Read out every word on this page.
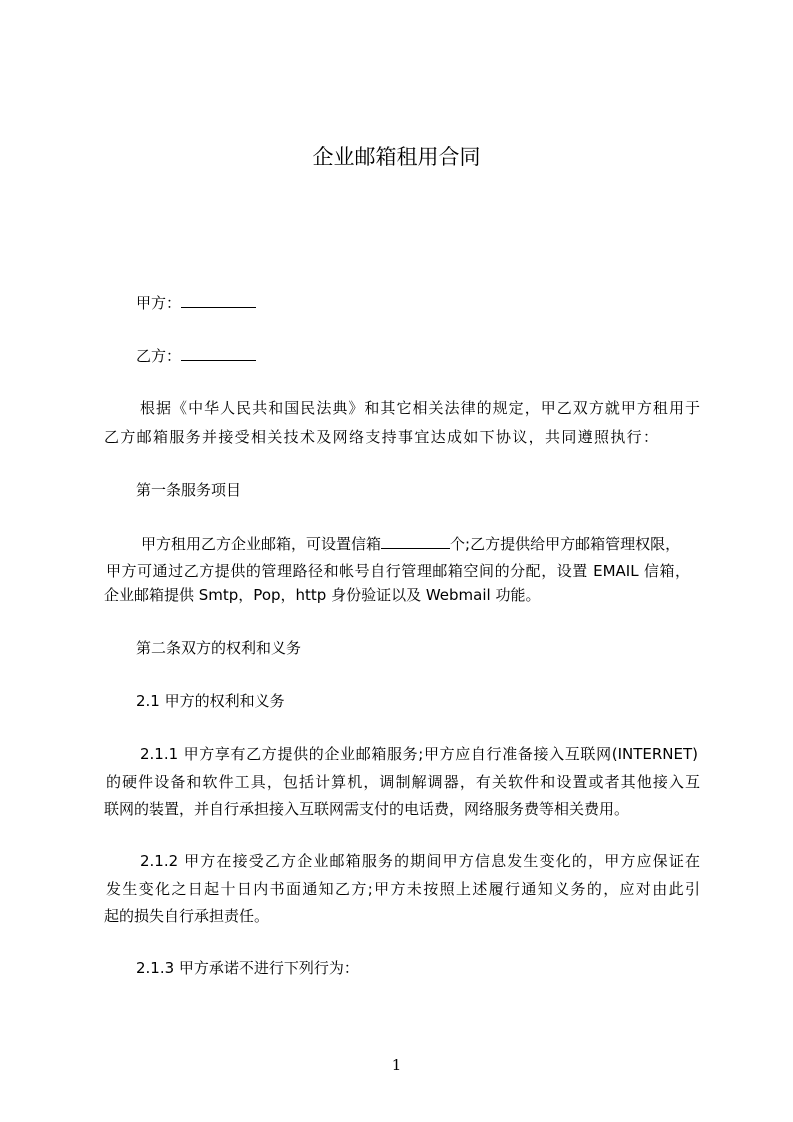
企业邮箱租用合同
甲方：
乙方：
根据《中华人民共和国民法典》和其它相关法律的规定，甲乙双方就甲方租用于
乙方邮箱服务并接受相关技术及网络支持事宜达成如下协议，共同遵照执行：
第一条服务项目
甲方租用乙方企业邮箱，可设置信箱	个;乙方提供给甲方邮箱管理权限，
甲方可通过乙方提供的管理路径和帐号自行管理邮箱空间的分配，设置 EMAIL 信箱，
企业邮箱提供 Smtp，Pop，http 身份验证以及 Webmail 功能。
第二条双方的权利和义务
2.1 甲方的权利和义务
2.1.1 甲方享有乙方提供的企业邮箱服务;甲方应自行准备接入互联网(INTERNET)
的硬件设备和软件工具，包括计算机，调制解调器，有关软件和设置或者其他接入互
联网的装置，并自行承担接入互联网需支付的电话费，网络服务费等相关费用。
2.1.2 甲方在接受乙方企业邮箱服务的期间甲方信息发生变化的，甲方应保证在
发生变化之日起十日内书面通知乙方;甲方未按照上述履行通知义务的，应对由此引
起的损失自行承担责任。
2.1.3 甲方承诺不进行下列行为：
1
